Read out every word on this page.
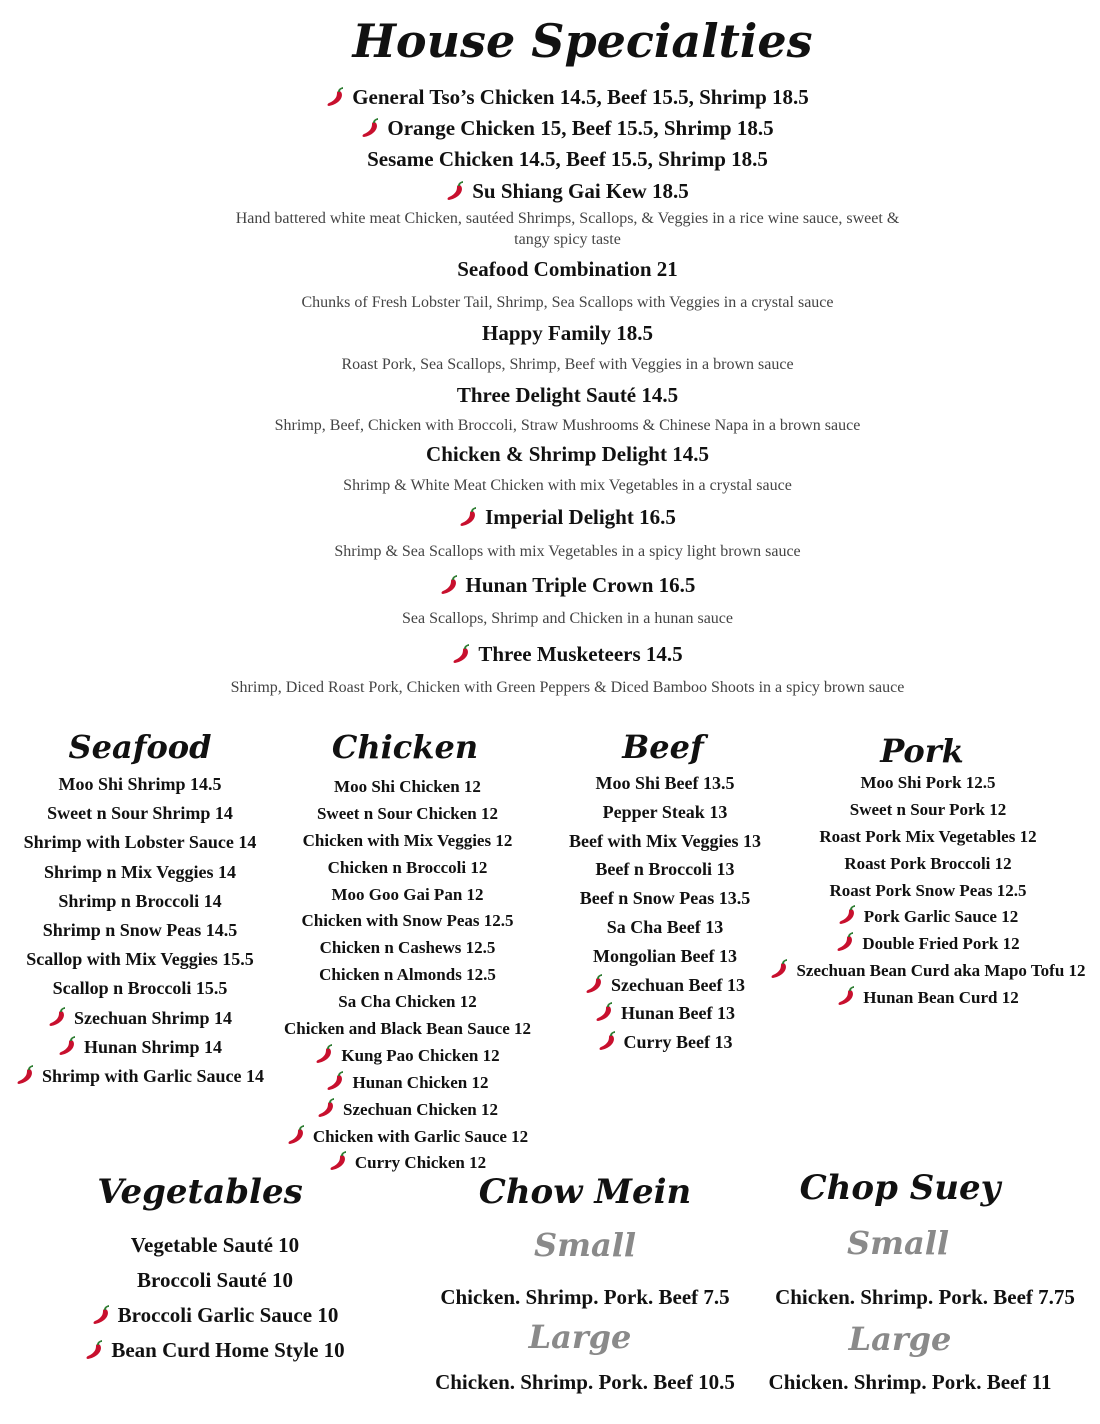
House Specialties
General Tso’s Chicken 14.5, Beef 15.5, Shrimp 18.5
Orange Chicken 15, Beef 15.5, Shrimp 18.5
Sesame Chicken 14.5, Beef 15.5, Shrimp 18.5
Su Shiang Gai Kew 18.5
Hand battered white meat Chicken, sautéed Shrimps, Scallops, & Veggies in a rice wine sauce, sweet & tangy spicy taste
Seafood Combination 21
Chunks of Fresh Lobster Tail, Shrimp, Sea Scallops with Veggies in a crystal sauce
Happy Family 18.5
Roast Pork, Sea Scallops, Shrimp, Beef with Veggies in a brown sauce
Three Delight Sauté 14.5
Shrimp, Beef, Chicken with Broccoli, Straw Mushrooms & Chinese Napa in a brown sauce
Chicken & Shrimp Delight 14.5
Shrimp & White Meat Chicken with mix Vegetables in a crystal sauce
Imperial Delight 16.5
Shrimp & Sea Scallops with mix Vegetables in a spicy light brown sauce
Hunan Triple Crown 16.5
Sea Scallops, Shrimp and Chicken in a hunan sauce
Three Musketeers 14.5
Shrimp, Diced Roast Pork, Chicken with Green Peppers & Diced Bamboo Shoots in a spicy brown sauce
Seafood
Moo Shi Shrimp 14.5
Sweet n Sour Shrimp 14
Shrimp with Lobster Sauce 14
Shrimp n Mix Veggies 14
Shrimp n Broccoli 14
Shrimp n Snow Peas 14.5
Scallop with Mix Veggies 15.5
Scallop n Broccoli 15.5
Szechuan Shrimp 14
Hunan Shrimp 14
Shrimp with Garlic Sauce 14
Chicken
Moo Shi Chicken 12
Sweet n Sour Chicken 12
Chicken with Mix Veggies 12
Chicken n Broccoli 12
Moo Goo Gai Pan 12
Chicken with Snow Peas 12.5
Chicken n Cashews 12.5
Chicken n Almonds 12.5
Sa Cha Chicken 12
Chicken and Black Bean Sauce 12
Kung Pao Chicken 12
Hunan Chicken 12
Szechuan Chicken 12
Chicken with Garlic Sauce 12
Curry Chicken 12
Beef
Moo Shi Beef 13.5
Pepper Steak 13
Beef with Mix Veggies 13
Beef n Broccoli 13
Beef n Snow Peas 13.5
Sa Cha Beef 13
Mongolian Beef 13
Szechuan Beef 13
Hunan Beef 13
Curry Beef 13
Pork
Moo Shi Pork 12.5
Sweet n Sour Pork 12
Roast Pork Mix Vegetables 12
Roast Pork Broccoli 12
Roast Pork Snow Peas 12.5
Pork Garlic Sauce 12
Double Fried Pork 12
Szechuan Bean Curd aka Mapo Tofu 12
Hunan Bean Curd 12
Vegetables
Vegetable Sauté 10
Broccoli Sauté 10
Broccoli Garlic Sauce 10
Bean Curd Home Style 10
Chow Mein
Small
Chicken. Shrimp. Pork. Beef 7.5
Large
Chicken. Shrimp. Pork. Beef 10.5
Chop Suey
Small
Chicken. Shrimp. Pork. Beef 7.75
Large
Chicken. Shrimp. Pork. Beef 11
